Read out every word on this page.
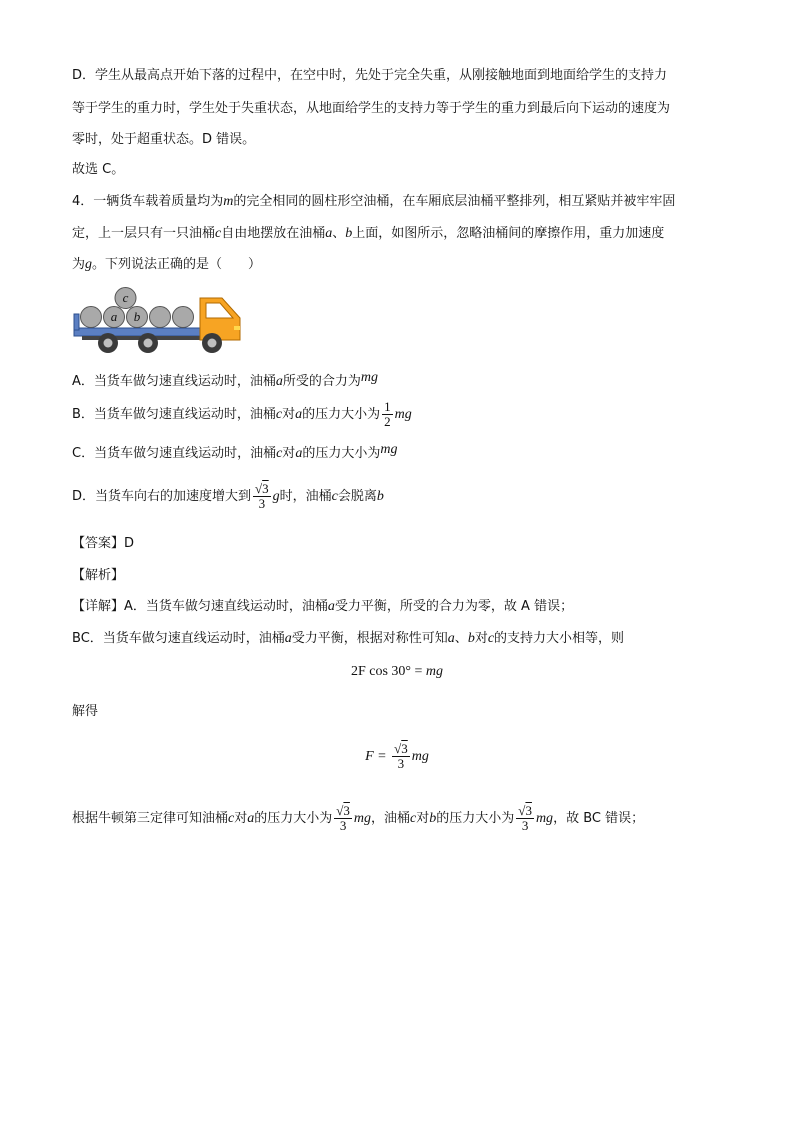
D．学生从最高点开始下落的过程中，在空中时，先处于完全失重，从刚接触地面到地面给学生的支持力
等于学生的重力时，学生处于失重状态，从地面给学生的支持力等于学生的重力到最后向下运动的速度为
零时，处于超重状态。D 错误。
故选 C。
4．一辆货车载着质量均为m的完全相同的圆柱形空油桶，在车厢底层油桶平整排列，相互紧贴并被牢牢固
定，上一层只有一只油桶c自由地摆放在油桶a、b上面，如图所示，忽略油桶间的摩擦作用，重力加速度
为g。下列说法正确的是（　　）
c
a b
A．当货车做匀速直线运动时，油桶a所受的合力为mg
B．当货车做匀速直线运动时，油桶c对a的压力大小为 $\frac{1}{2}$ mg
C．当货车做匀速直线运动时，油桶c对a的压力大小为mg
D．当货车向右的加速度增大到 $\frac{√3}{3}$ g时，油桶c会脱离b
【答案】D
【解析】
【详解】A．当货车做匀速直线运动时，油桶a受力平衡，所受的合力为零，故 A 错误；
BC．当货车做匀速直线运动时，油桶a受力平衡，根据对称性可知a、b对c的支持力大小相等，则
2F cos 30° = mg
解得
$F = \frac{√3}{3}$ mg
根据牛顿第三定律可知油桶c对a的压力大小为 $\frac{√3}{3}$ mg，油桶c对b的压力大小为 $\frac{√3}{3}$ mg，故 BC 错误；
